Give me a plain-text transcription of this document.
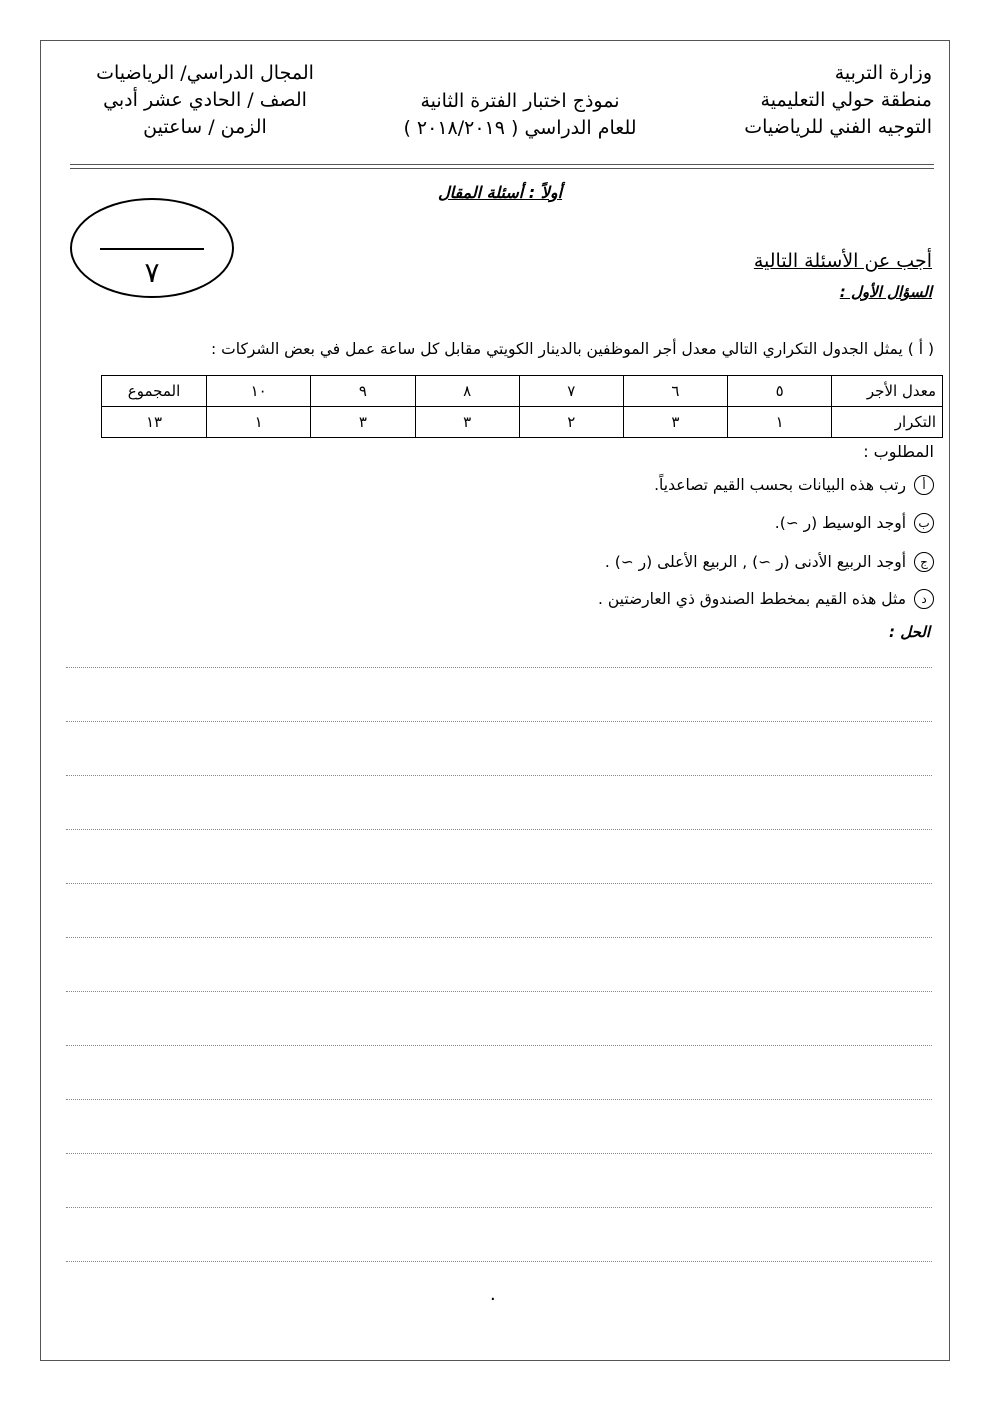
وزارة التربية
منطقة حولي التعليمية
التوجيه الفني للرياضيات
نموذج اختبار الفترة الثانية
للعام الدراسي ( ٢٠١٨/٢٠١٩ )
المجال الدراسي/ الرياضيات
الصف / الحادي عشر أدبي
الزمن / ساعتين
أولاً : أسئلة المقال
٧	أجب عن الأسئلة التالية
السؤال الأول :
( أ ) يمثل الجدول التكراري التالي معدل أجر الموظفين بالدينار الكويتي مقابل كل ساعة عمل في بعض الشركات :
معدل الأجر	٥	٦	٧	٨	٩	١٠	المجموع
التكرار	١	٣	٢	٣	٣	١	١٣
المطلوب :
أ
رتب هذه البيانات بحسب القيم تصاعدياً.
ب
أوجد الوسيط (ر ∼).
ج
أوجد الربيع الأدنى (ر ∼) , الربيع الأعلى (ر ∼) .
د
مثل هذه القيم بمخطط الصندوق ذي العارضتين .
الحل :
٠
